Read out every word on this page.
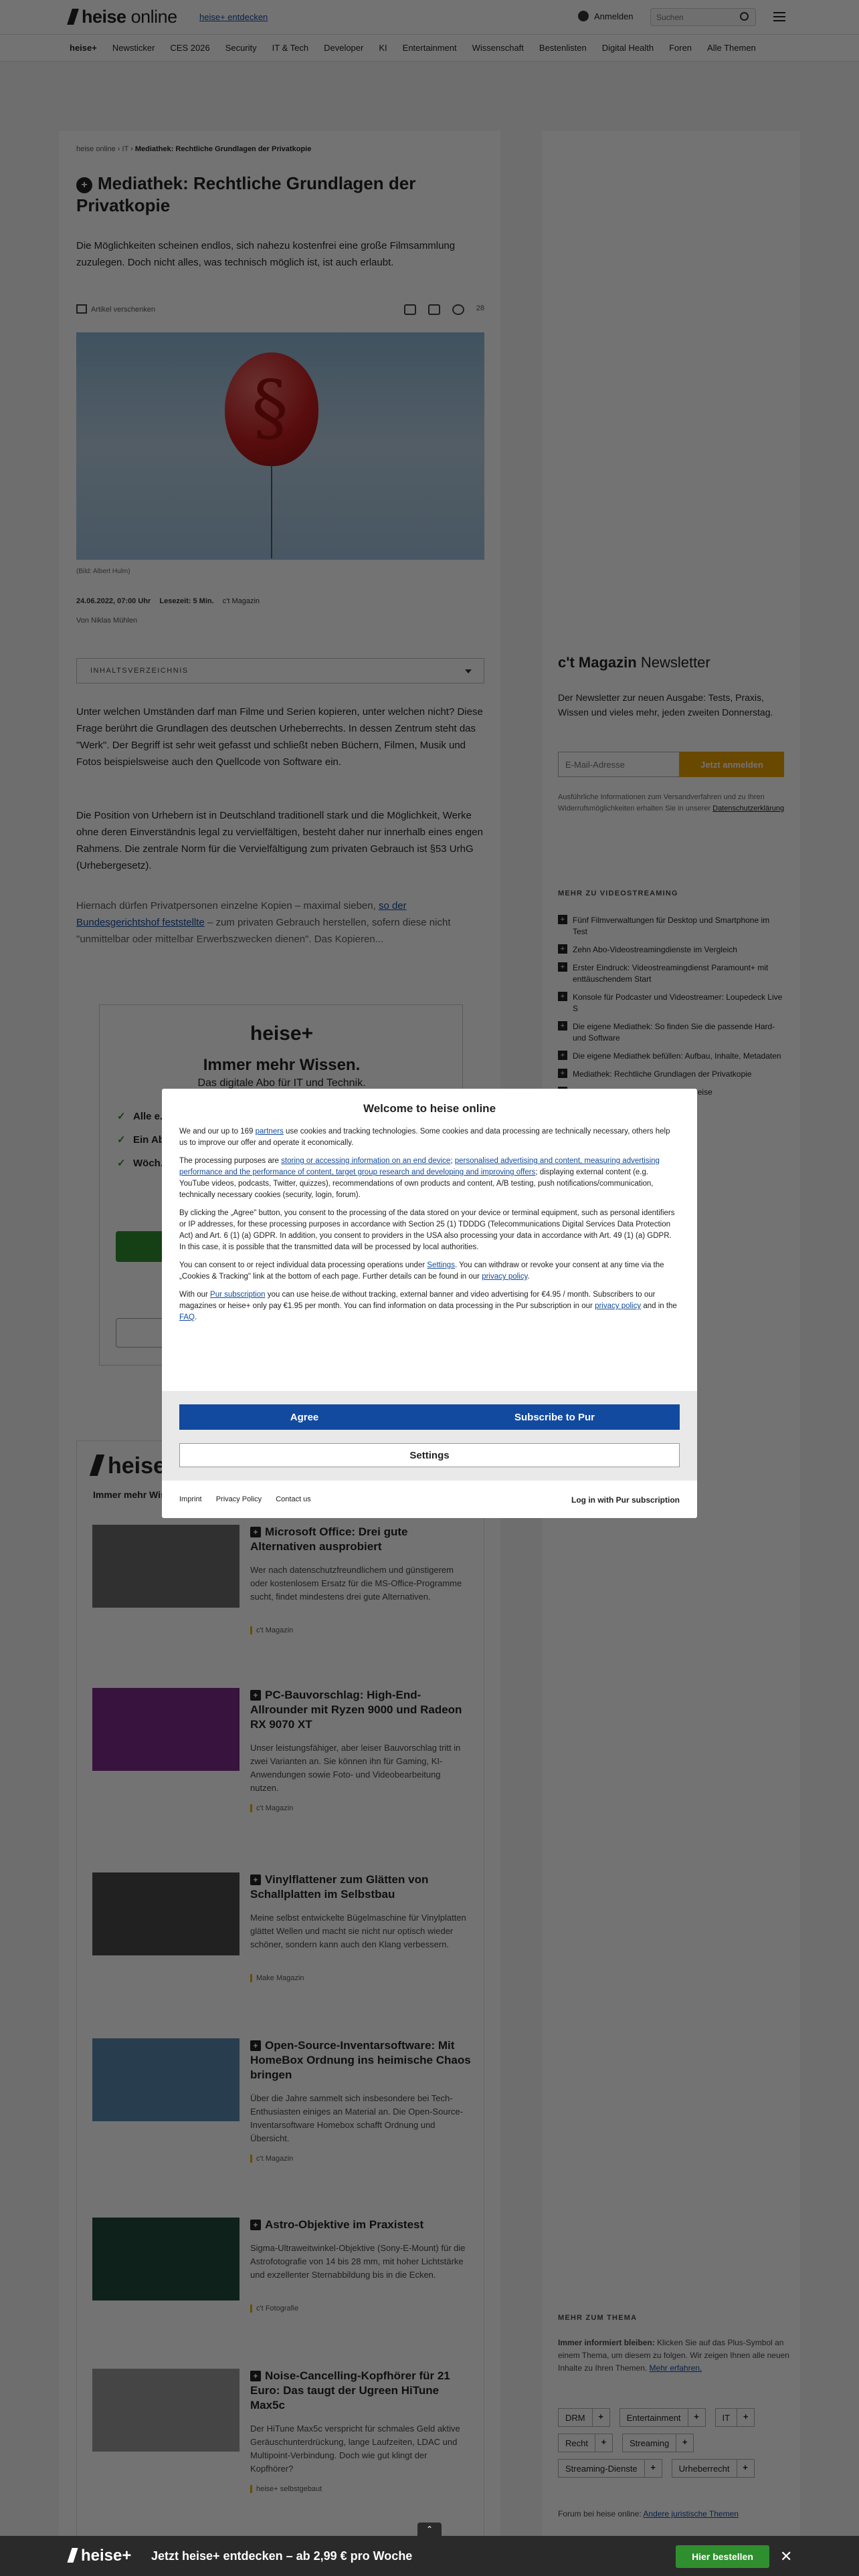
Suchen

§

✓
✓
✓

E-Mail-Adresse

+
+
+
+
+
+
+
+

Welcome to heise online

We and our up to 169 partners use cookies and tracking technologies. Some cookies and data processing are technically necessary, others help us to improve our offer and operate it economically.

The processing purposes are storing or accessing information on an end device; personalised advertising and content, measuring advertising performance and the performance of content, target group research and developing and improving offers; displaying external content (e.g. YouTube videos, podcasts, Twitter, quizzes), recommendations of own products and content, A/B testing, push notifications/communication, technically necessary cookies (security, login, forum).

By clicking the „Agree" button, you consent to the processing of the data stored on your device or terminal equipment, such as personal identifiers or IP addresses, for these processing purposes in accordance with Section 25 (1) TDDDG (Telecommunications Digital Services Data Protection Act) and Art. 6 (1) (a) GDPR. In addition, you consent to providers in the USA also processing your data in accordance with Art. 49 (1) (a) GDPR. In this case, it is possible that the transmitted data will be processed by local authorities.

You can consent to or reject individual data processing operations under Settings. You can withdraw or revoke your consent at any time via the „Cookies & Tracking" link at the bottom of each page. Further details can be found in our privacy policy.

With our Pur subscription you can use heise.de without tracking, external banner and video advertising for €4.95 / month. Subscribers to our magazines or heise+ only pay €1.95 per month. You can find information on data processing in the Pur subscription in our privacy policy and in the FAQ.

Agree	Subscribe to Pur
Settings
Imprint Privacy Policy Contact us	Log in with Pur subscription
⌃
heise+ Jetzt heise+ entdecken – ab 2,99 € pro Woche	Hier bestellen	✕
